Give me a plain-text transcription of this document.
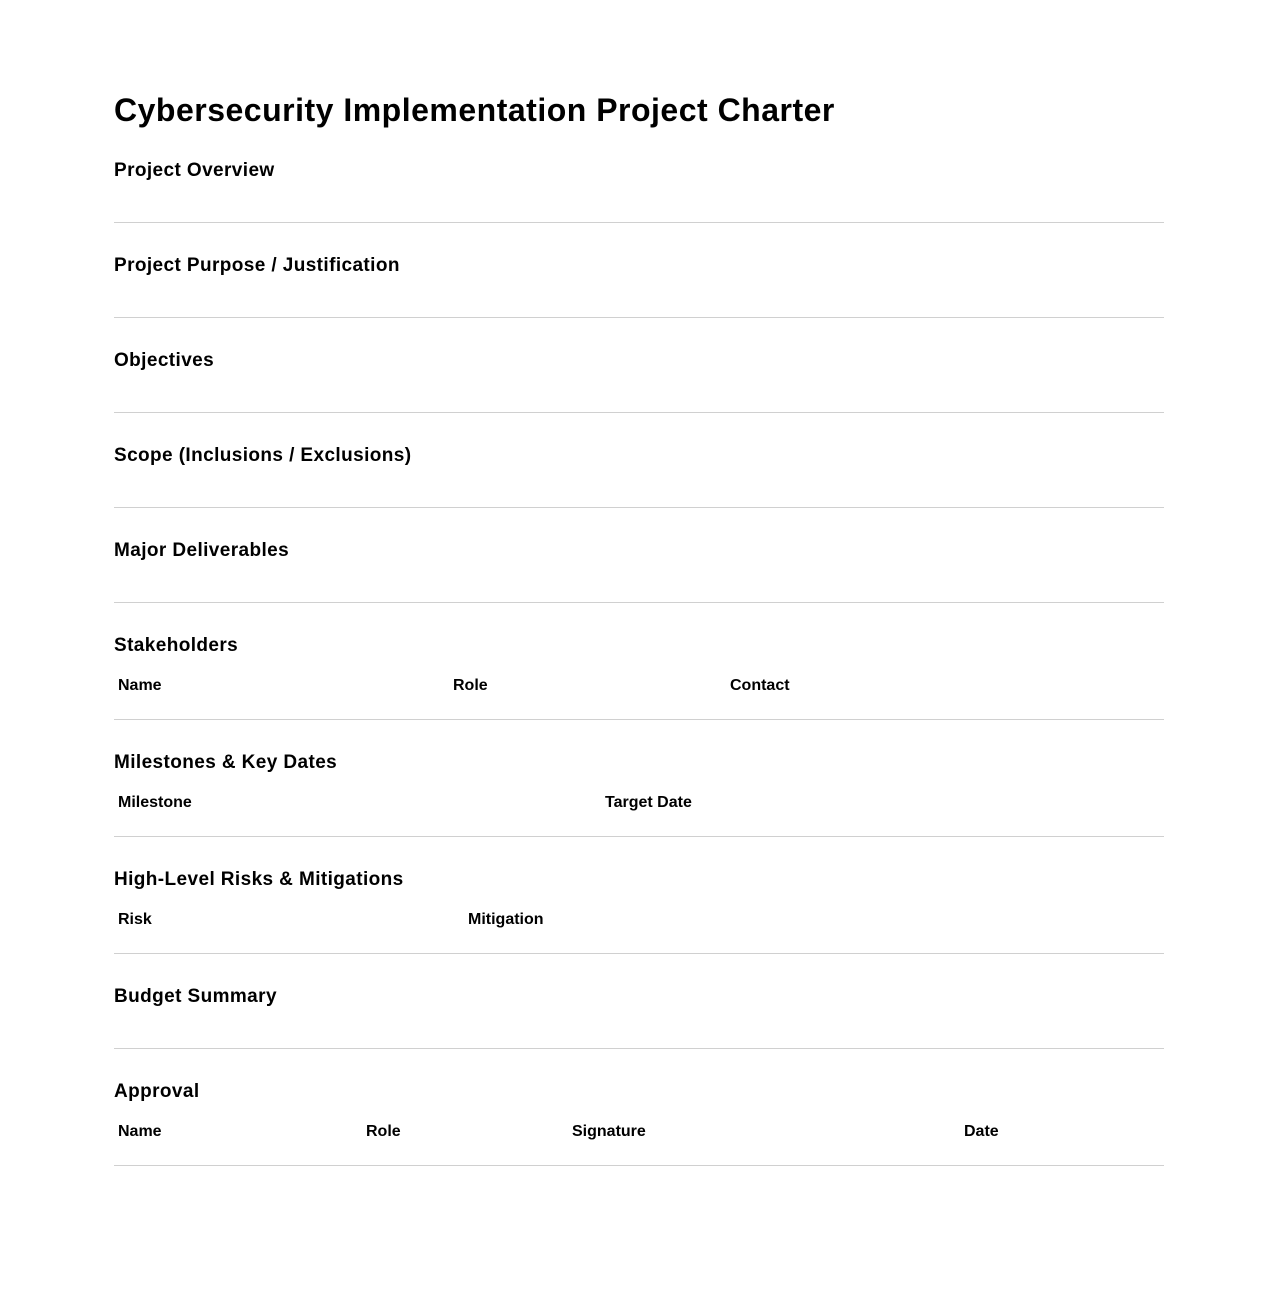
Cybersecurity Implementation Project Charter
Project Overview
Project Purpose / Justification
Objectives
Scope (Inclusions / Exclusions)
Major Deliverables
Stakeholders
Name	Role	Contact
Milestones & Key Dates
Milestone	Target Date
High-Level Risks & Mitigations
Risk	Mitigation
Budget Summary
Approval
Name	Role	Signature	Date
